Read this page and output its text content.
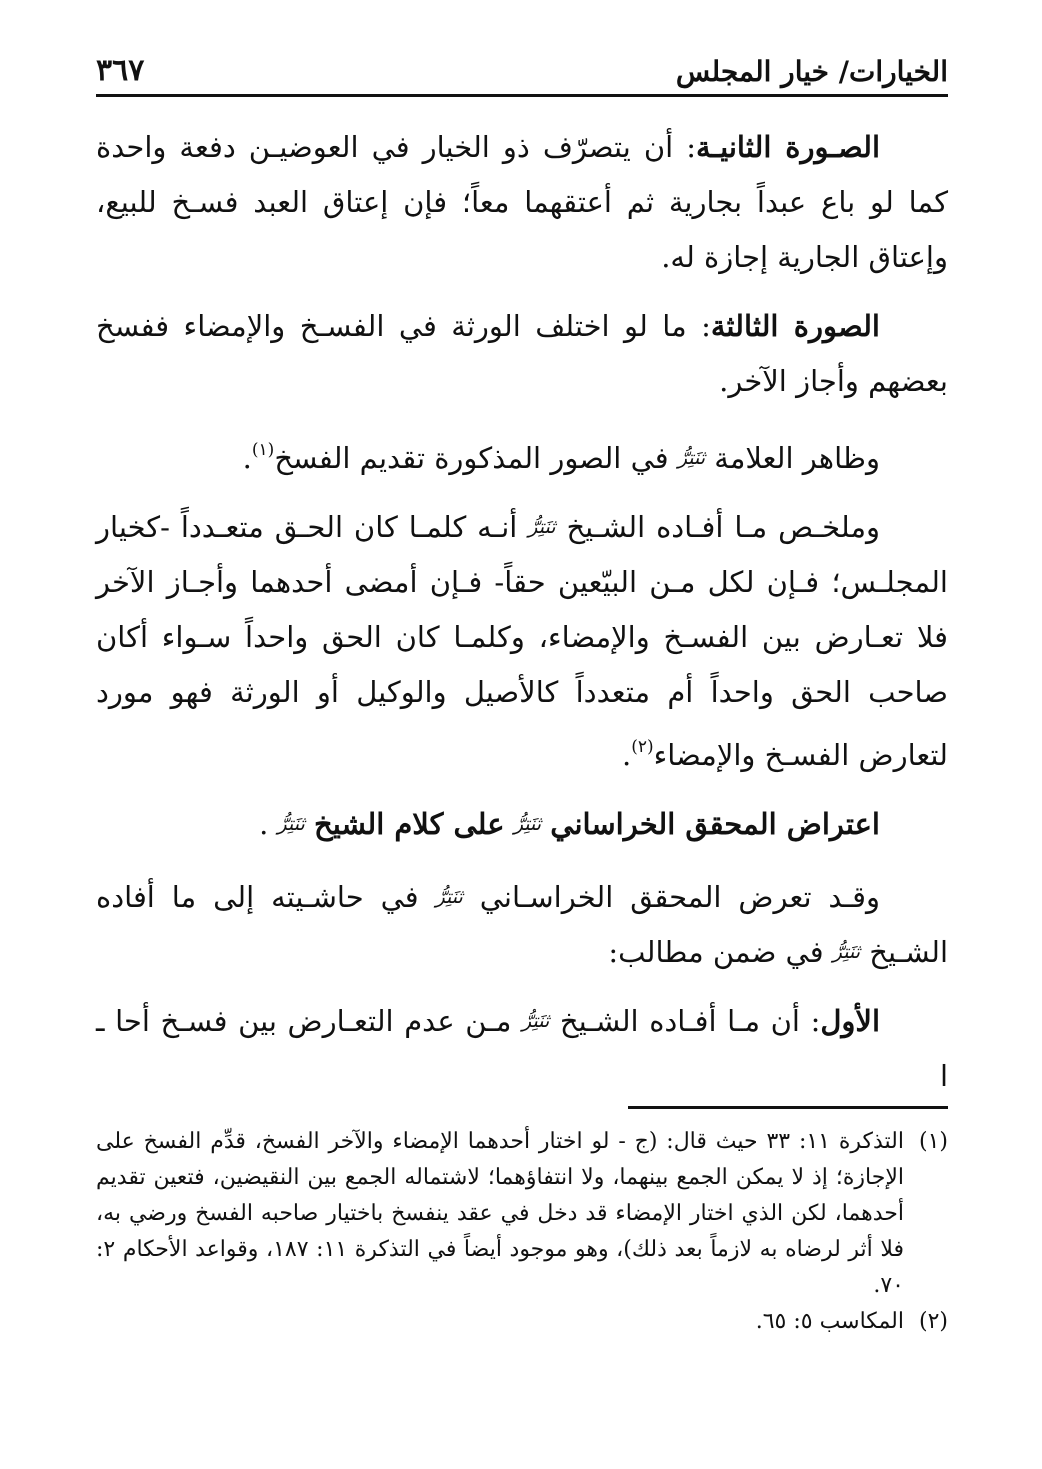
الخيارات/ خيار المجلس
٣٦٧

الصـورة الثانيـة: أن يتصرّف ذو الخيار في العوضيـن دفعة واحدة كما لو باع عبداً بجارية ثم أعتقهما معاً؛ فإن إعتاق العبد فسـخ للبيع، وإعتاق الجارية إجازة له.

الصورة الثالثة: ما لو اختلف الورثة في الفسـخ والإمضاء ففسخ بعضهم وأجاز الآخر.

وظاهر العلامة ثنَتِرُّ في الصور المذكورة تقديم الفسخ$^{(١)}$.

وملخـص مـا أفـاده الشـيخ ثنَتِرُّ أنـه كلمـا كان الحـق متعـدداً -كخيار المجلـس؛ فـإن لكل مـن البيّعين حقاً- فـإن أمضى أحدهما وأجـاز الآخر فلا تعـارض بين الفسـخ والإمضاء، وكلمـا كان الحق واحداً سـواء أكان صاحب الحق واحداً أم متعدداً كالأصيل والوكيل أو الورثة فهو مورد لتعارض الفسـخ والإمضاء$^{(٢)}$.

اعتراض المحقق الخراساني ثنَتِرُّ على كلام الشيخ ثنَتِرُّ .

وقـد تعرض المحقق الخراسـاني ثنَتِرُّ في حاشـيته إلى ما أفاده الشـيخ ثنَتِرُّ في ضمن مطالب:

الأول: أن مـا أفـاده الشـيخ ثنَتِرُّ مـن عدم التعـارض بين فسـخ أحا ـ ا

(١)التذكرة ١١: ٣٣ حيث قال: (ج - لو اختار أحدهما الإمضاء والآخر الفسخ، قدِّم الفسخ على الإجازة؛ إذ لا يمكن الجمع بينهما، ولا انتفاؤهما؛ لاشتماله الجمع بين النقيضين، فتعين تقديم أحدهما، لكن الذي اختار الإمضاء قد دخل في عقد ينفسخ باختيار صاحبه الفسخ ورضي به، فلا أثر لرضاه به لازماً بعد ذلك)، وهو موجود أيضاً في التذكرة ١١: ١٨٧، وقواعد الأحكام ٢: ٧٠.

(٢)المكاسب ٥: ٦٥.
